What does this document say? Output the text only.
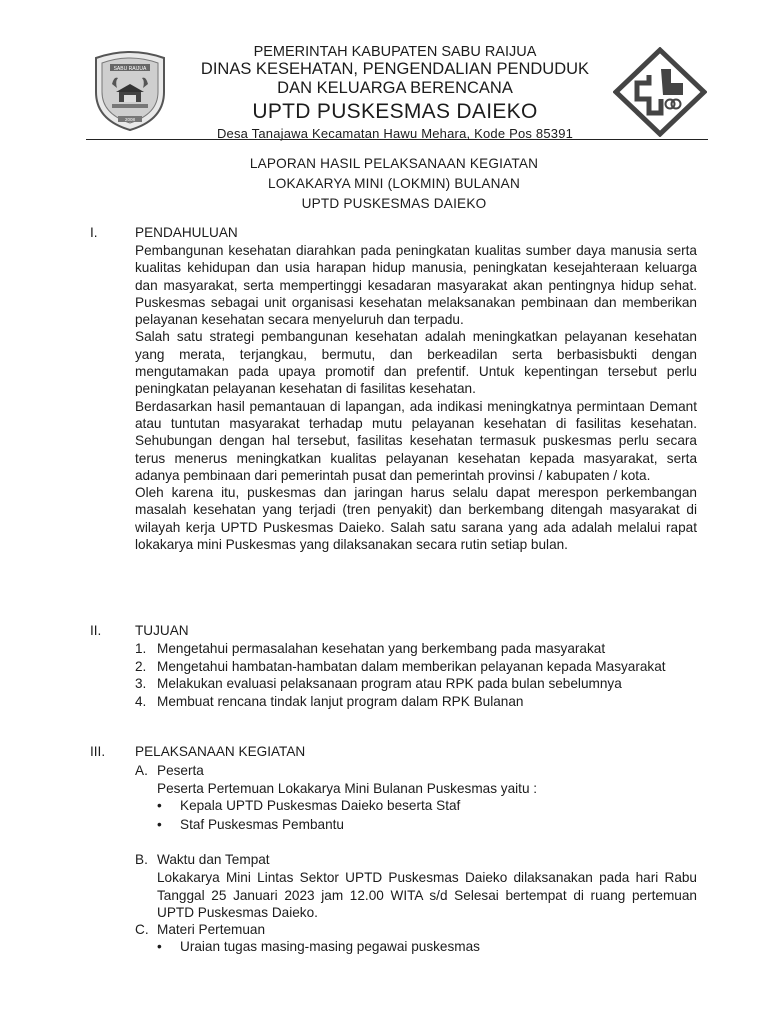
SABU RAIJUA
2008
PEMERINTAH KABUPATEN SABU RAIJUA
DINAS KESEHATAN, PENGENDALIAN PENDUDUK
DAN KELUARGA BERENCANA
UPTD PUSKESMAS DAIEKO
Desa Tanajawa Kecamatan Hawu Mehara, Kode Pos 85391
LAPORAN HASIL PELAKSANAAN KEGIATAN
LOKAKARYA MINI (LOKMIN) BULANAN
UPTD PUSKESMAS DAIEKO
I.	PENDAHULUAN

Pembangunan kesehatan diarahkan pada peningkatan kualitas sumber daya manusia serta kualitas kehidupan dan usia harapan hidup manusia, peningkatan kesejahteraan keluarga dan masyarakat, serta mempertinggi kesadaran masyarakat akan pentingnya hidup sehat. Puskesmas sebagai unit organisasi kesehatan melaksanakan pembinaan dan memberikan pelayanan kesehatan secara menyeluruh dan terpadu.

Salah satu strategi pembangunan kesehatan adalah meningkatkan pelayanan kesehatan yang merata, terjangkau, bermutu, dan berkeadilan serta berbasisbukti dengan mengutamakan pada upaya promotif dan prefentif. Untuk kepentingan tersebut perlu peningkatan pelayanan kesehatan di fasilitas kesehatan.

Berdasarkan hasil pemantauan di lapangan, ada indikasi meningkatnya permintaan Demant atau tuntutan masyarakat terhadap mutu pelayanan kesehatan di fasilitas kesehatan. Sehubungan dengan hal tersebut, fasilitas kesehatan termasuk puskesmas perlu secara terus menerus meningkatkan kualitas pelayanan kesehatan kepada masyarakat, serta adanya pembinaan dari pemerintah pusat dan pemerintah provinsi / kabupaten / kota.

Oleh karena itu, puskesmas dan jaringan harus selalu dapat merespon perkembangan masalah kesehatan yang terjadi (tren penyakit) dan berkembang ditengah masyarakat di wilayah kerja UPTD Puskesmas Daieko. Salah satu sarana yang ada adalah melalui rapat lokakarya mini Puskesmas yang dilaksanakan secara rutin setiap bulan.

II. TUJUAN
1. Mengetahui permasalahan kesehatan yang berkembang pada masyarakat
2. Mengetahui hambatan-hambatan dalam memberikan pelayanan kepada Masyarakat
3. Melakukan evaluasi pelaksanaan program atau RPK pada bulan sebelumnya
4. Membuat rencana tindak lanjut program dalam RPK Bulanan
III. PELAKSANAAN KEGIATAN
A. Peserta
Peserta Pertemuan Lokakarya Mini Bulanan Puskesmas yaitu :
•	Kepala UPTD Puskesmas Daieko beserta Staf
•	Staf Puskesmas Pembantu
B. Waktu dan Tempat
Lokakarya Mini Lintas Sektor UPTD Puskesmas Daieko dilaksanakan pada hari Rabu Tanggal 25 Januari 2023 jam 12.00 WITA s/d Selesai bertempat di ruang pertemuan UPTD Puskesmas Daieko.
C. Materi Pertemuan
•	Uraian tugas masing-masing pegawai puskesmas
